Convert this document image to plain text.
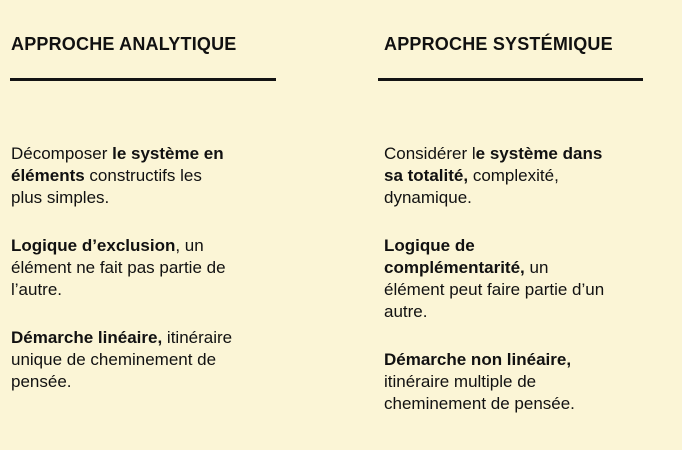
APPROCHE ANALYTIQUE

Décomposer le système en
éléments constructifs les
plus simples.

Logique d’exclusion, un
élément ne fait pas partie de
l’autre.

Démarche linéaire, itinéraire
unique de cheminement de
pensée.

APPROCHE SYSTÉMIQUE

Considérer le système dans
sa totalité, complexité,
dynamique.

Logique de
complémentarité, un
élément peut faire partie d’un
autre.

Démarche non linéaire,
itinéraire multiple de
cheminement de pensée.
